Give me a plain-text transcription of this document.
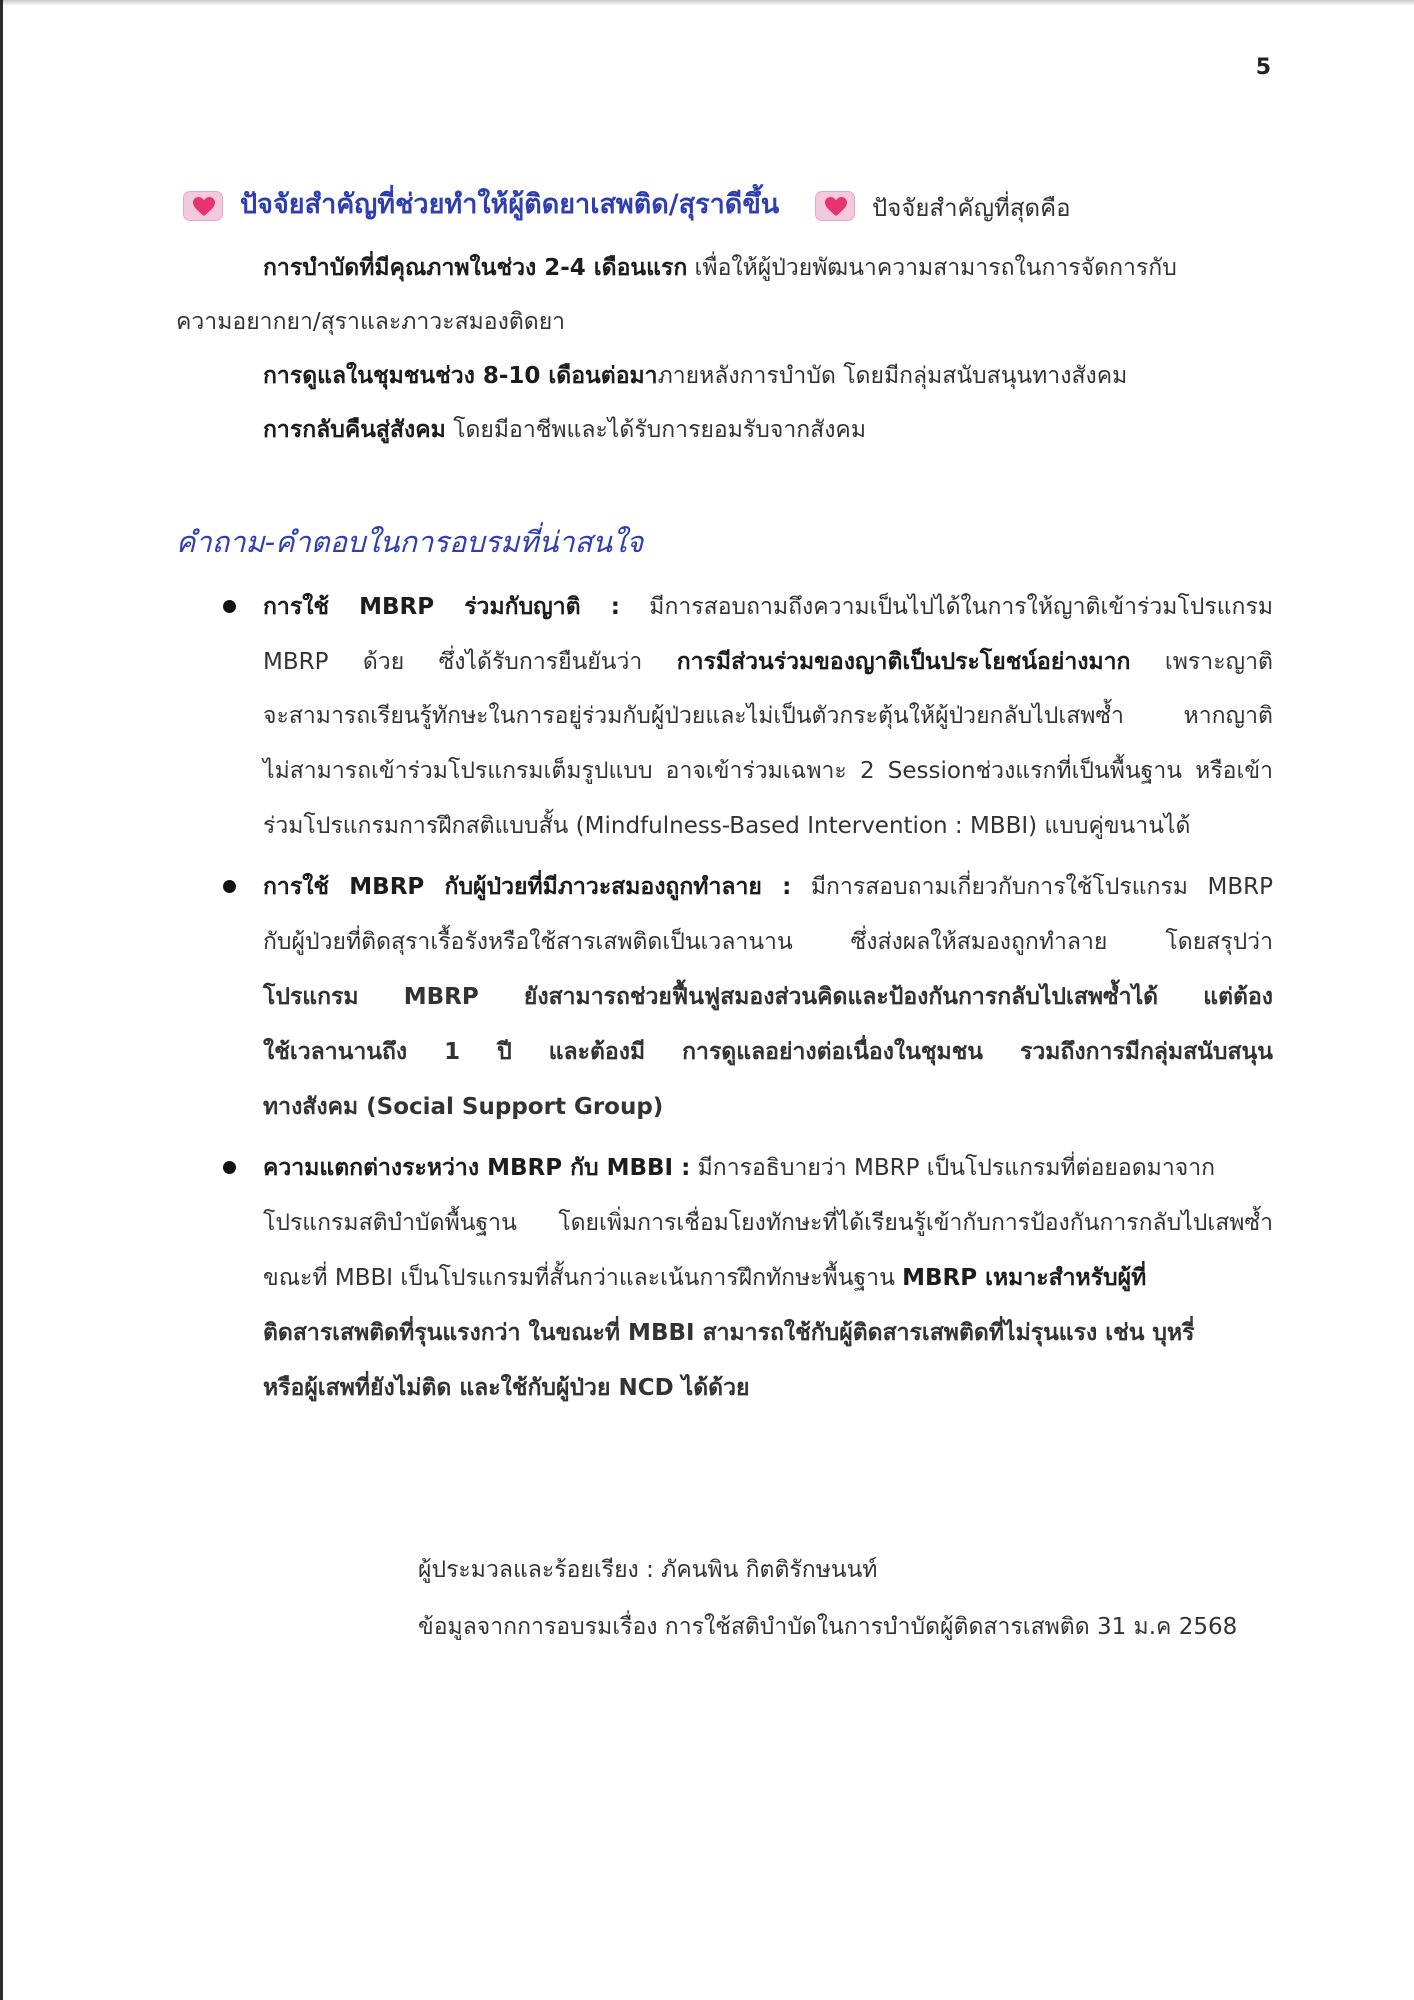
5
ปัจจัยสำคัญที่ช่วยทำให้ผู้ติดยาเสพติด/สุราดีขึ้น	ปัจจัยสำคัญที่สุดคือ
การบำบัดที่มีคุณภาพในช่วง 2-4 เดือนแรก เพื่อให้ผู้ป่วยพัฒนาความสามารถในการจัดการกับ
ความอยากยา/สุราและภาวะสมองติดยา
การดูแลในชุมชนช่วง 8-10 เดือนต่อมาภายหลังการบำบัด โดยมีกลุ่มสนับสนุนทางสังคม
การกลับคืนสู่สังคม โดยมีอาชีพและได้รับการยอมรับจากสังคม
คำถาม-คำตอบในการอบรมที่น่าสนใจ
การใช้ MBRP ร่วมกับญาติ : มีการสอบถามถึงความเป็นไปได้ในการให้ญาติเข้าร่วมโปรแกรม
MBRP ด้วย ซึ่งได้รับการยืนยันว่า การมีส่วนร่วมของญาติเป็นประโยชน์อย่างมาก เพราะญาติ
จะสามารถเรียนรู้ทักษะในการอยู่ร่วมกับผู้ป่วยและไม่เป็นตัวกระตุ้นให้ผู้ป่วยกลับไปเสพซ้ำ หากญาติ
ไม่สามารถเข้าร่วมโปรแกรมเต็มรูปแบบ อาจเข้าร่วมเฉพาะ 2 Sessionช่วงแรกที่เป็นพื้นฐาน หรือเข้า
ร่วมโปรแกรมการฝึกสติแบบสั้น (Mindfulness-Based Intervention : MBBI) แบบคู่ขนานได้
การใช้ MBRP กับผู้ป่วยที่มีภาวะสมองถูกทำลาย : มีการสอบถามเกี่ยวกับการใช้โปรแกรม MBRP
กับผู้ป่วยที่ติดสุราเรื้อรังหรือใช้สารเสพติดเป็นเวลานาน ซึ่งส่งผลให้สมองถูกทำลาย โดยสรุปว่า
โปรแกรม MBRP ยังสามารถช่วยฟื้นฟูสมองส่วนคิดและป้องกันการกลับไปเสพซ้ำได้ แต่ต้อง
ใช้เวลานานถึง 1 ปี และต้องมี การดูแลอย่างต่อเนื่องในชุมชน รวมถึงการมีกลุ่มสนับสนุน
ทางสังคม (Social Support Group)
ความแตกต่างระหว่าง MBRP กับ MBBI : มีการอธิบายว่า MBRP เป็นโปรแกรมที่ต่อยอดมาจาก
โปรแกรมสติบำบัดพื้นฐาน โดยเพิ่มการเชื่อมโยงทักษะที่ได้เรียนรู้เข้ากับการป้องกันการกลับไปเสพซ้ำ
ขณะที่ MBBI เป็นโปรแกรมที่สั้นกว่าและเน้นการฝึกทักษะพื้นฐาน MBRP เหมาะสำหรับผู้ที่
ติดสารเสพติดที่รุนแรงกว่า ในขณะที่ MBBI สามารถใช้กับผู้ติดสารเสพติดที่ไม่รุนแรง เช่น บุหรี่
หรือผู้เสพที่ยังไม่ติด และใช้กับผู้ป่วย NCD ได้ด้วย
ผู้ประมวลและร้อยเรียง : ภัคนพิน กิตติรักษนนท์
ข้อมูลจากการอบรมเรื่อง การใช้สติบำบัดในการบำบัดผู้ติดสารเสพติด 31 ม.ค 2568
